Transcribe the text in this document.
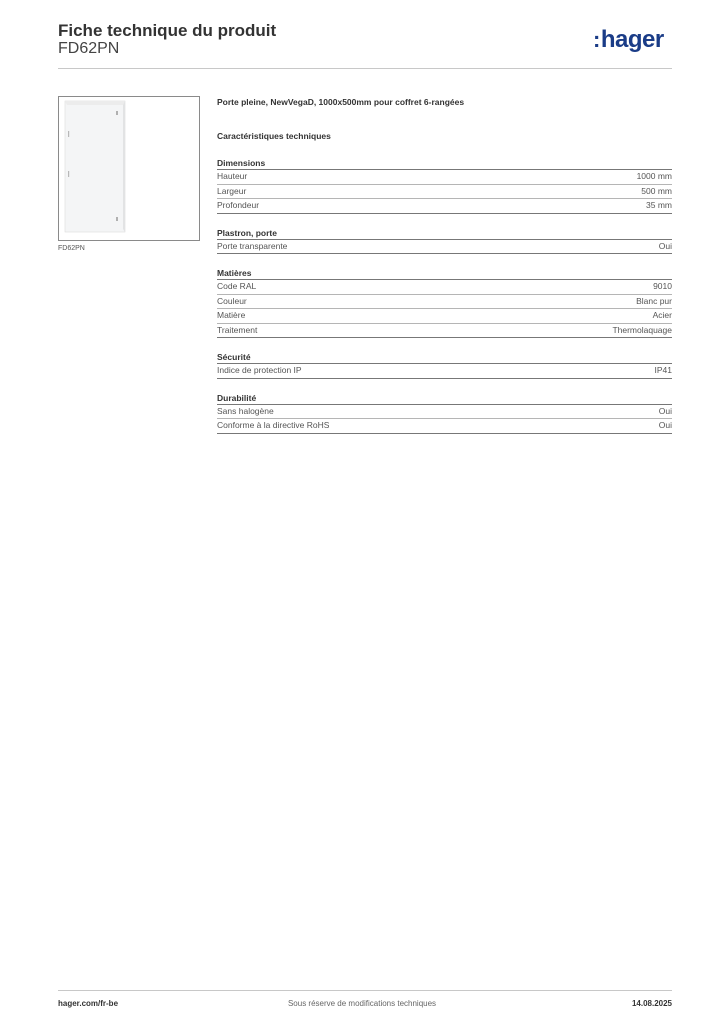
Fiche technique du produit
FD62PN	:hager
FD62PN
Porte pleine, NewVegaD, 1000x500mm pour coffret 6-rangées
Caractéristiques techniques
Dimensions
Hauteur	1000 mm
Largeur	500 mm
Profondeur	35 mm
Plastron, porte
Porte transparente	Oui
Matières
Code RAL	9010
Couleur	Blanc pur
Matière	Acier
Traitement	Thermolaquage
Sécurité
Indice de protection IP	IP41
Durabilité
Sans halogène	Oui
Conforme à la directive RoHS	Oui
hager.com/fr-be	Sous réserve de modifications techniques	14.08.2025
